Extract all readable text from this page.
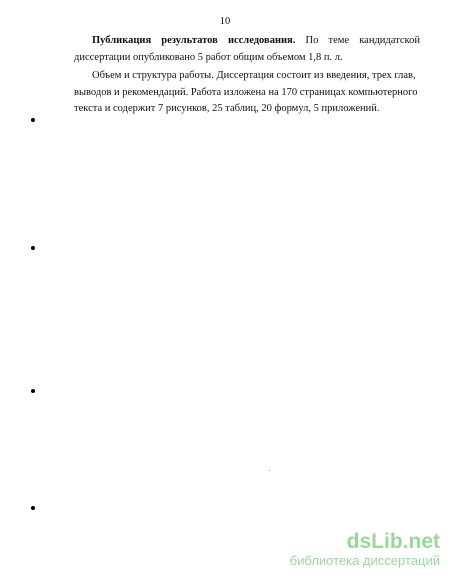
10
Публикация результатов исследования. По теме кандидатской
диссертации опубликовано 5 работ общим объемом 1,8 п. л.
Объем и структура работы. Диссертация состоит из введения, трех глав,
выводов и рекомендаций. Работа изложена на 170 страницах компьютерного
текста и содержит 7 рисунков, 25 таблиц, 20 формул, 5 приложений.
dsLib.net
библиотека диссертаций
